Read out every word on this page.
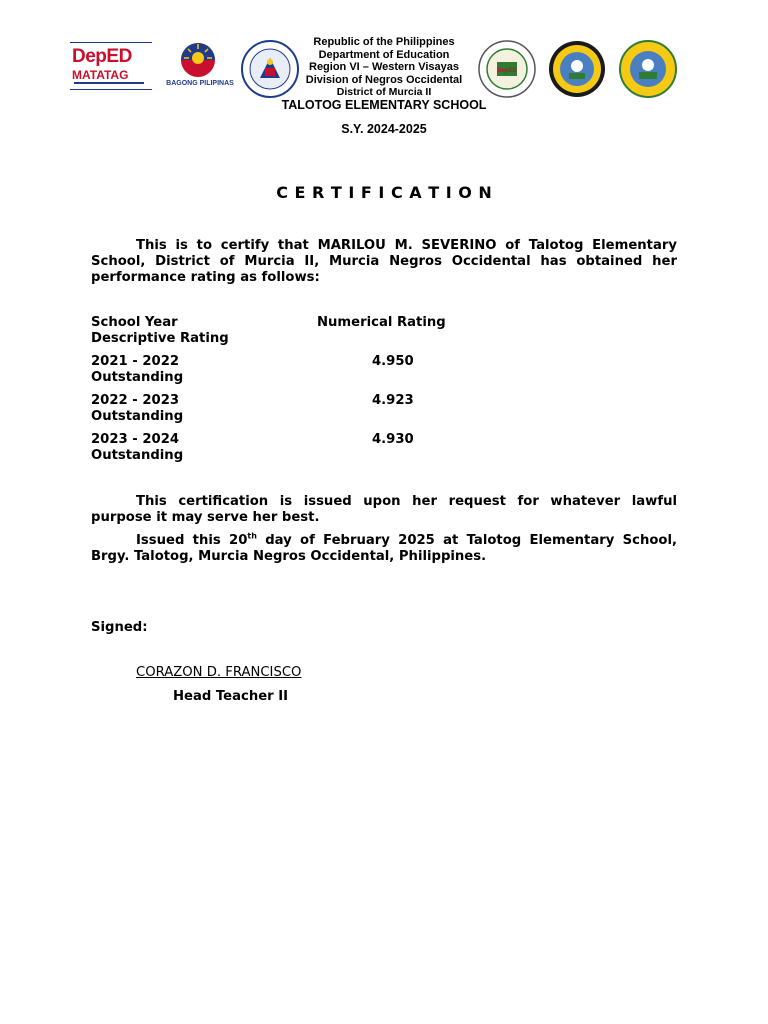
DepED
MATATAG
BAGONG PILIPINAS
DepED
Republic of the Philippines
Department of Education
Region VI – Western Visayas
Division of Negros Occidental
District of Murcia II
TALOTOG ELEMENTARY SCHOOL
S.Y. 2024-2025
C E R T I F I C A T I O N
This is to certify that MARILOU M. SEVERINO of Talotog Elementary School, District of Murcia II, Murcia Negros Occidental has obtained her performance rating as follows:
School Year	Numerical Rating
Descriptive Rating
2021 - 2022	4.950
Outstanding
2022 - 2023	4.923
Outstanding
2023 - 2024	4.930
Outstanding
This certification is issued upon her request for whatever lawful purpose it may serve her best.
Issued this 20th day of February 2025 at Talotog Elementary School, Brgy. Talotog, Murcia Negros Occidental, Philippines.
Signed:
CORAZON D. FRANCISCO
Head Teacher II
